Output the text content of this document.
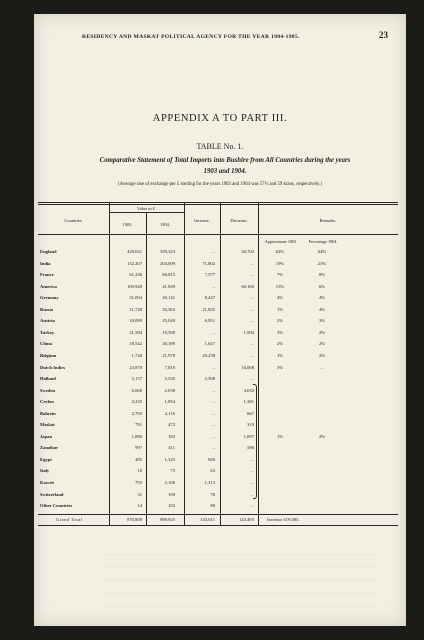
RESIDENCY AND MASKAT POLITICAL AGENCY FOR THE YEAR 1904-1905.	23
APPENDIX A TO PART III.
TABLE No. 1.
Comparative Statement of Total Imports into Bushire from All Countries during the years
1903 and 1904.
(Average rate of exchange per £ sterling for the years 1903 and 1904 was 57½ and 59 krans, respectively.)
Countries.
Value in £.
1903.	1904.
Increase.	Decrease.	Remarks.
Approximate 1903.	Percentage 1904.
England	429,021	359,323	...	20,702	62%	64%
···
India	132,207	204,009	71,802	...	19%	23%
···
France	61,236	60,813	7,577	...	7%	8%
···
America	100,928	41,849	...	60,169	15%	6%
···
Germany	31,094	40,141	8,447	...	4%	4%
···
Russia	11,728	33,563	21,835	...	1%	4%
···
Austria	18,089	25,040	6,951	...	2%	3%
···
Turkey	21,584	19,590	...	1,994	3%	2%
···
China	18,542	20,189	1,647	...	2%	2%
···
Belgium	1,740	21,978	20,238	...	1%	2%
···
Dutch Indies	23,878	7,810	...	16,068	3%	...
···
Holland	3,137	5,535	2,398	...
···
Sweden	6,068	2,038	...	4,030
···
Ceylon	3,235	1,854	...	1,381
···
Bahrein	2,783	2,116	...	667
···
Maskat	791	472	...	319
···
Japan	1,880	183	...	1,697	1%	2%
···
Zanzibar	997	411	...	586
···
Egypt	485	1,325	840	...
···
Italy	10	73	63	...
···
Koweit	793	2,106	1,313	...
···
Switzerland	31	109	78	...
···
Other Countries	14	102	88	...
···
Grand Total	870,808	889,925	143,611	124,493	Increase £19,085.
